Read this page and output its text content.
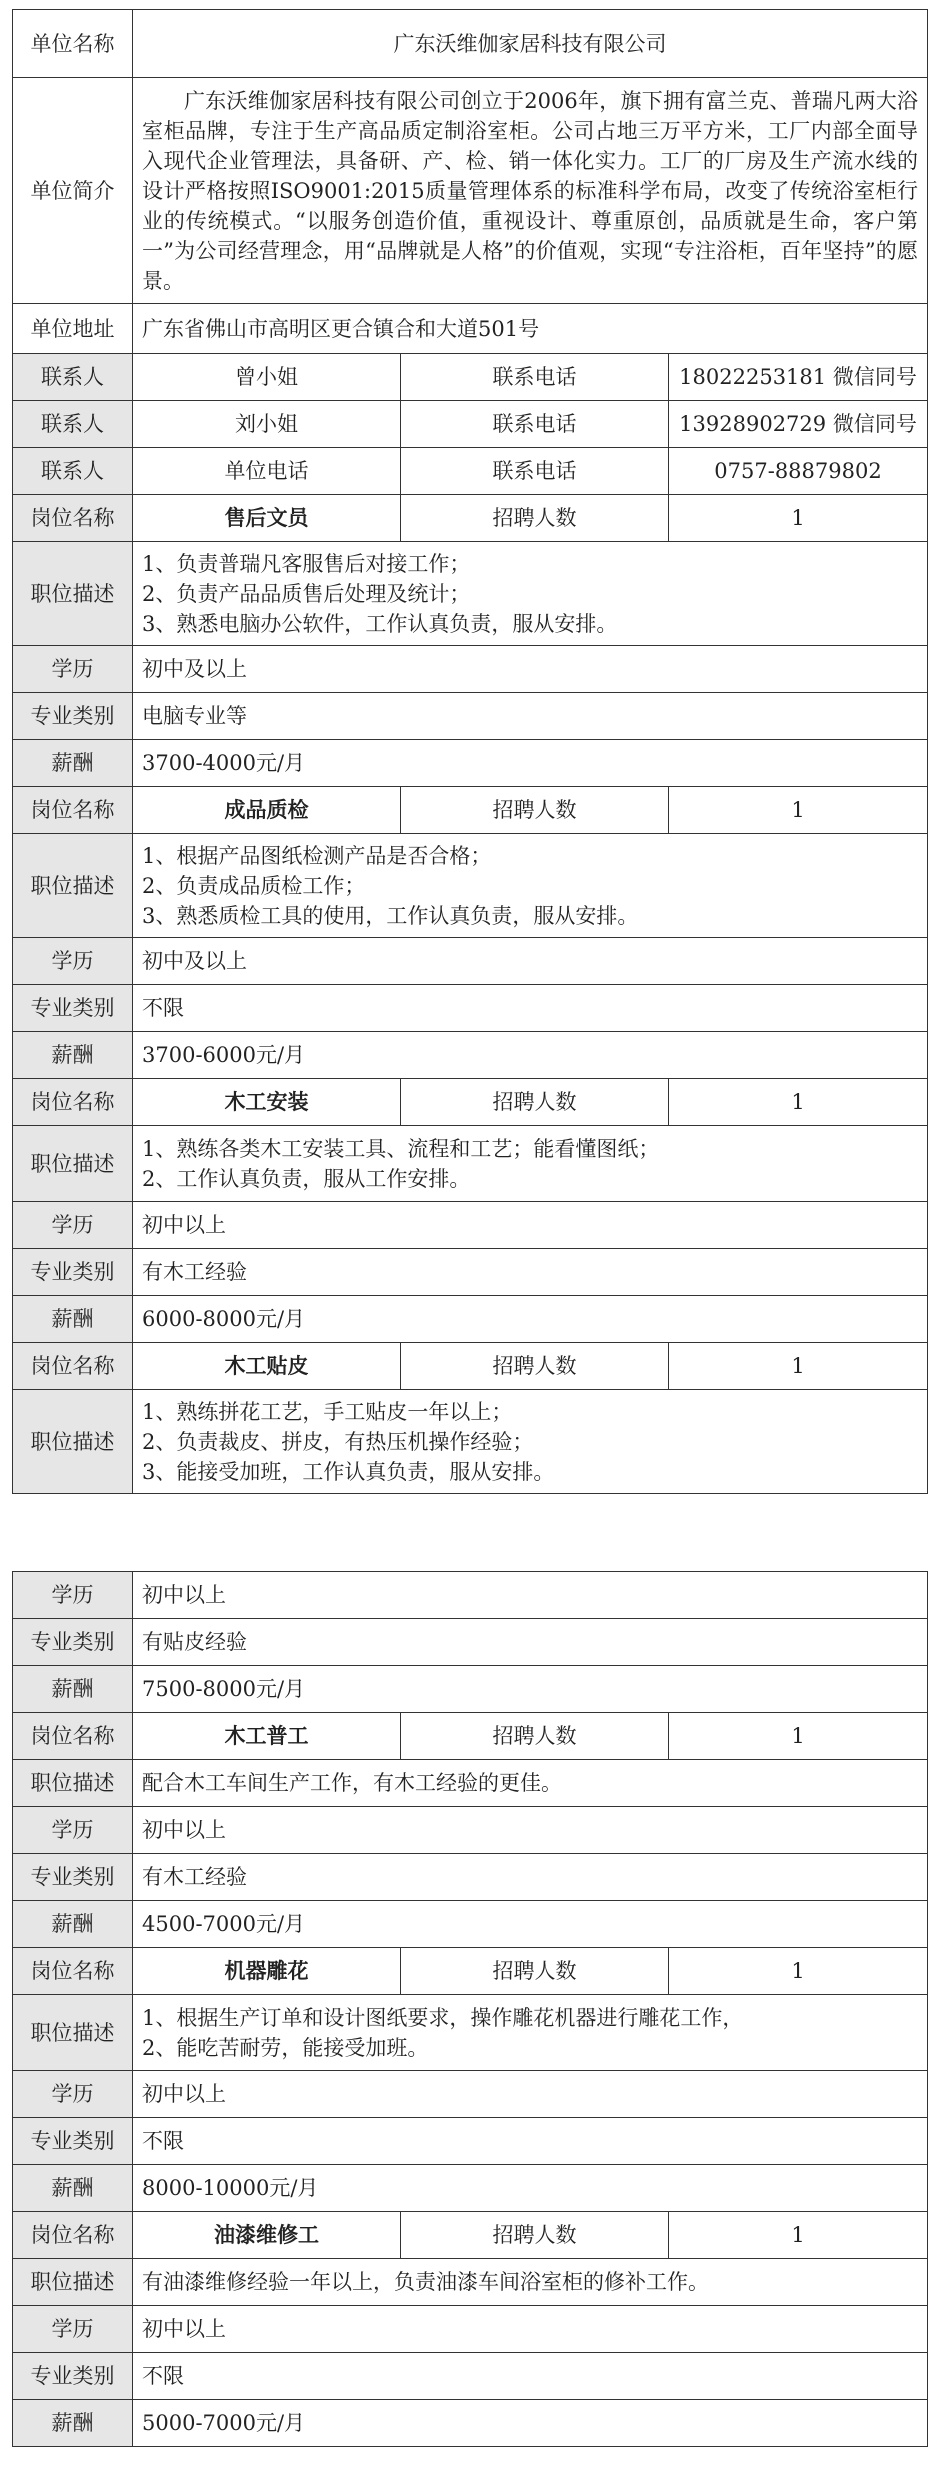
单位名称	广东沃维伽家居科技有限公司		
单位简介	广东沃维伽家居科技有限公司创立于2006年，旗下拥有富兰克、普瑞凡两大浴室柜品牌，专注于生产高品质定制浴室柜。公司占地三万平方米，工厂内部全面导入现代企业管理法，具备研、产、检、销一体化实力。工厂的厂房及生产流水线的设计严格按照ISO9001:2015质量管理体系的标准科学布局，改变了传统浴室柜行业的传统模式。“以服务创造价值，重视设计、尊重原创，品质就是生命，客户第一”为公司经营理念，用“品牌就是人格”的价值观，实现“专注浴柜，百年坚持”的愿景。		
单位地址	广东省佛山市高明区更合镇合和大道501号		
联系人	曾小姐	联系电话	18022253181 微信同号
联系人	刘小姐	联系电话	13928902729 微信同号
联系人	单位电话	联系电话	0757-88879802
岗位名称	售后文员	招聘人数	1
职位描述	1、负责普瑞凡客服售后对接工作；
2、负责产品品质售后处理及统计；
3、熟悉电脑办公软件，工作认真负责，服从安排。		

学历	初中及以上		
专业类别	电脑专业等		
薪酬	3700-4000元/月		
岗位名称	成品质检	招聘人数	1
职位描述	1、根据产品图纸检测产品是否合格；
2、负责成品质检工作；
3、熟悉质检工具的使用，工作认真负责，服从安排。		

学历	初中及以上		
专业类别	不限		
薪酬	3700-6000元/月		
岗位名称	木工安装	招聘人数	1
职位描述	1、熟练各类木工安装工具、流程和工艺；能看懂图纸；
2、工作认真负责，服从工作安排。		

学历	初中以上		
专业类别	有木工经验		
薪酬	6000-8000元/月		
岗位名称	木工贴皮	招聘人数	1
职位描述	1、熟练拼花工艺，手工贴皮一年以上；
2、负责裁皮、拼皮，有热压机操作经验；
3、能接受加班，工作认真负责，服从安排。		
学历	初中以上		
专业类别	有贴皮经验		
薪酬	7500-8000元/月		
岗位名称	木工普工	招聘人数	1
职位描述	配合木工车间生产工作，有木工经验的更佳。		

学历	初中以上		
专业类别	有木工经验		
薪酬	4500-7000元/月		
岗位名称	机器雕花	招聘人数	1
职位描述	1、根据生产订单和设计图纸要求，操作雕花机器进行雕花工作，
2、能吃苦耐劳，能接受加班。		

学历	初中以上		
专业类别	不限		
薪酬	8000-10000元/月		
岗位名称	油漆维修工	招聘人数	1
职位描述	有油漆维修经验一年以上，负责油漆车间浴室柜的修补工作。		

学历	初中以上		
专业类别	不限		
薪酬	5000-7000元/月		
